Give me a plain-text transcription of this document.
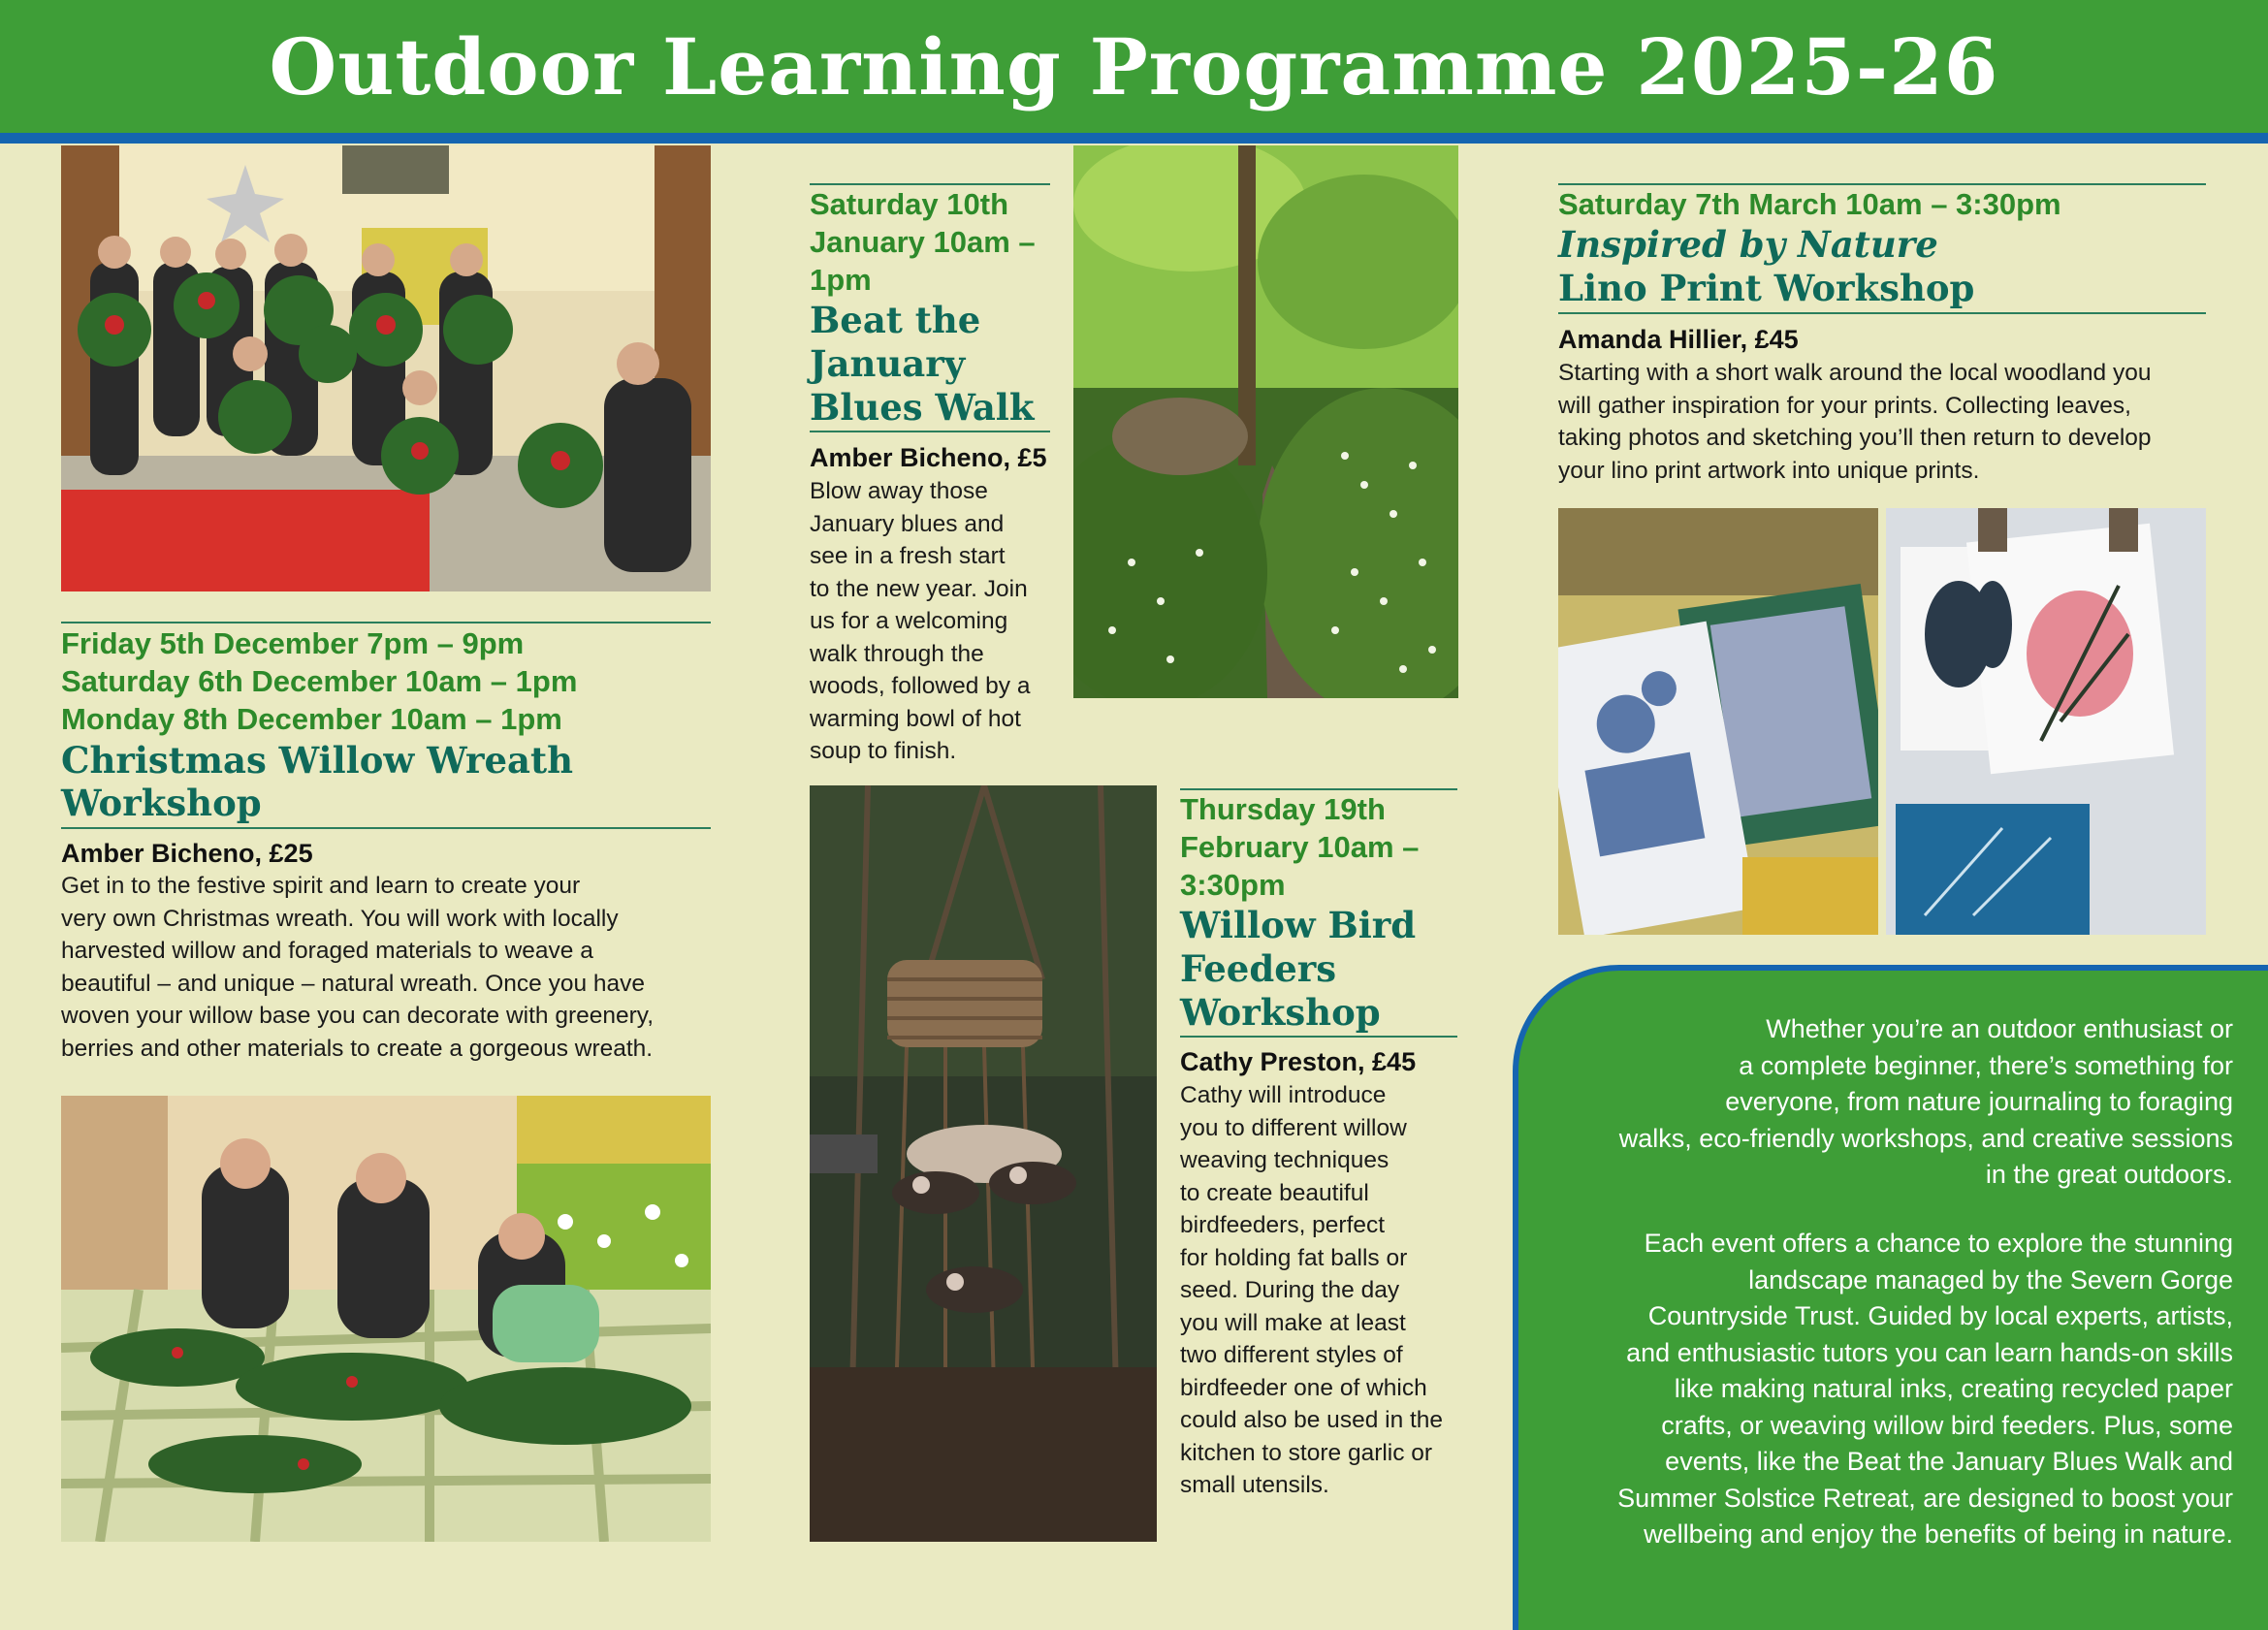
Outdoor Learning Programme 2025-26
Friday 5th December 7pm – 9pm
Saturday 6th December 10am – 1pm
Monday 8th December 10am – 1pm
Christmas Willow Wreath
Workshop
Amber Bicheno, £25
Get in to the festive spirit and learn to create your
very own Christmas wreath. You will work with locally
harvested willow and foraged materials to weave a
beautiful – and unique – natural wreath. Once you have
woven your willow base you can decorate with greenery,
berries and other materials to create a gorgeous wreath.
Saturday 10th
January 10am –
1pm
Beat the
January
Blues Walk
Amber Bicheno, £5
Blow away those
January blues and
see in a fresh start
to the new year. Join
us for a welcoming
walk through the
woods, followed by a
warming bowl of hot
soup to finish.
Thursday 19th
February 10am –
3:30pm
Willow Bird
Feeders
Workshop
Cathy Preston, £45
Cathy will introduce
you to different willow
weaving techniques
to create beautiful
birdfeeders, perfect
for holding fat balls or
seed. During the day
you will make at least
two different styles of
birdfeeder one of which
could also be used in the
kitchen to store garlic or
small utensils.
Saturday 7th March 10am – 3:30pm
Inspired by Nature
Lino Print Workshop
Amanda Hillier, £45
Starting with a short walk around the local woodland you
will gather inspiration for your prints. Collecting leaves,
taking photos and sketching you’ll then return to develop
your lino print artwork into unique prints.
Whether you’re an outdoor enthusiast or
a complete beginner, there’s something for
everyone, from nature journaling to foraging
walks, eco-friendly workshops, and creative sessions
in the great outdoors.
Each event offers a chance to explore the stunning
landscape managed by the Severn Gorge
Countryside Trust. Guided by local experts, artists,
and enthusiastic tutors you can learn hands-on skills
like making natural inks, creating recycled paper
crafts, or weaving willow bird feeders. Plus, some
events, like the Beat the January Blues Walk and
Summer Solstice Retreat, are designed to boost your
wellbeing and enjoy the benefits of being in nature.
